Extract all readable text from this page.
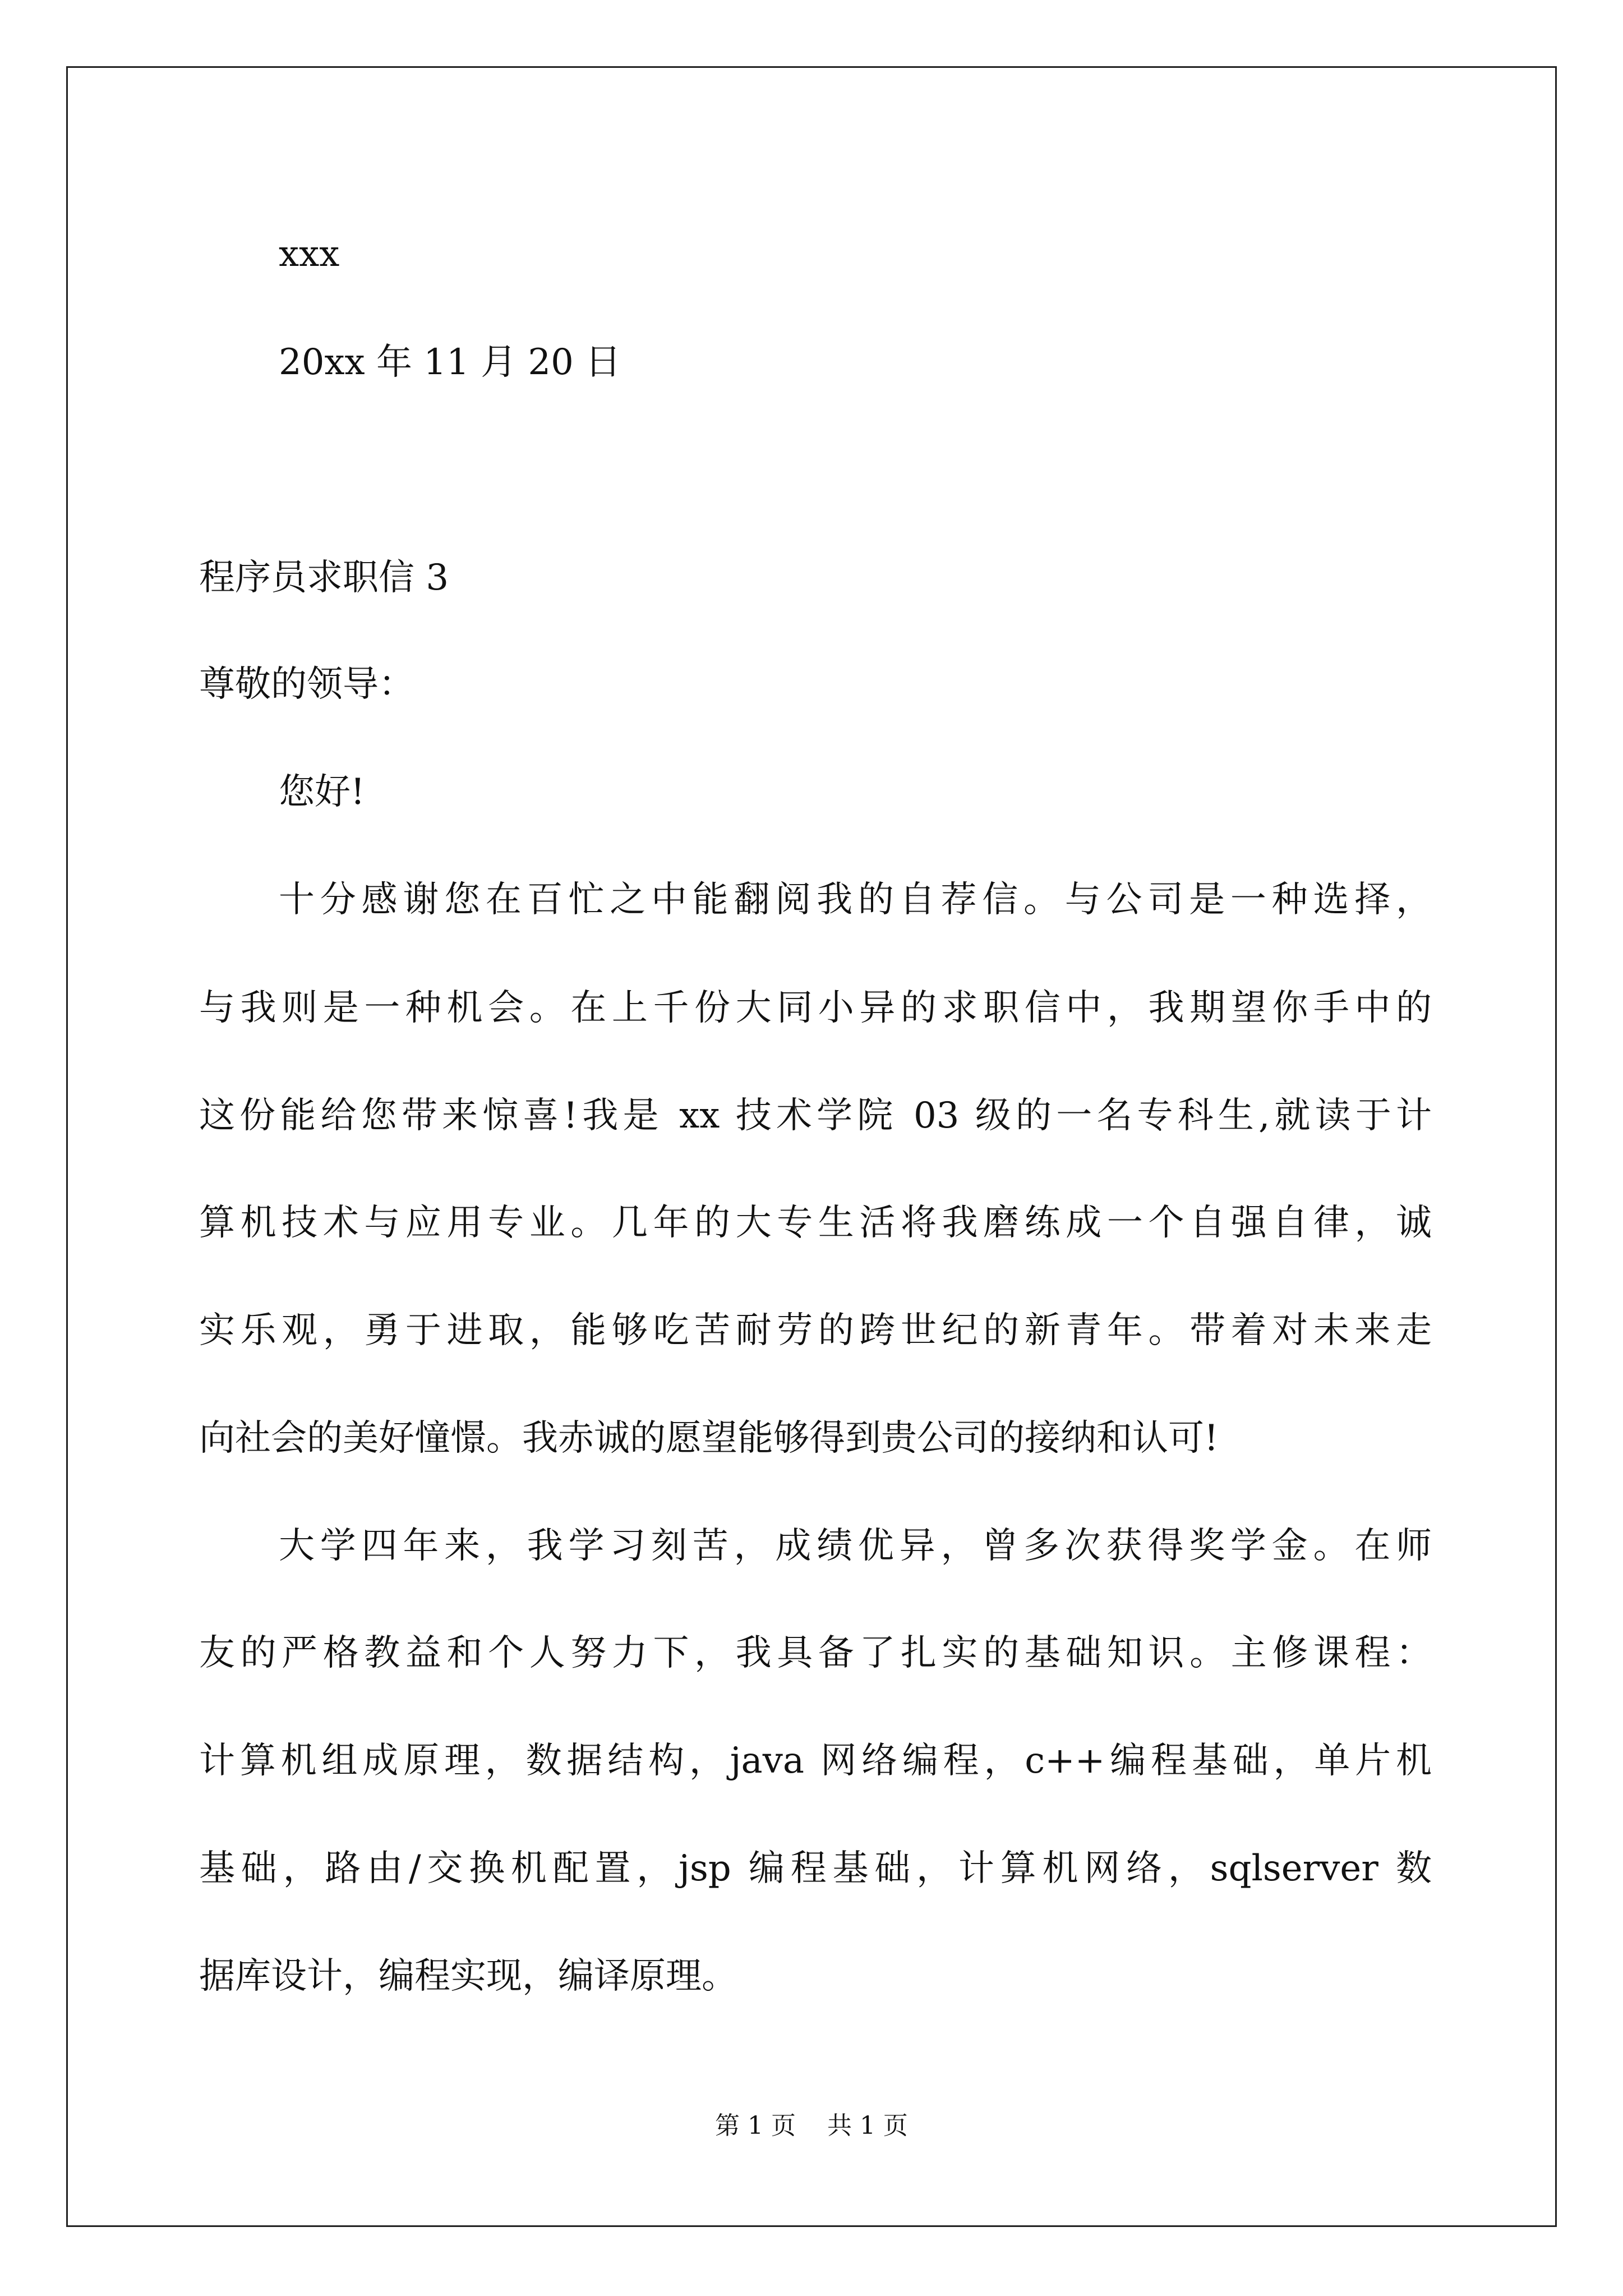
xxx
20xx 年 11 月 20 日
程序员求职信 3
尊敬的领导：
您好!
十分感谢您在百忙之中能翻阅我的自荐信。与公司是一种选择，
与我则是一种机会。在上千份大同小异的求职信中，我期望你手中的
这份能给您带来惊喜!我是 xx 技术学院 03 级的一名专科生,就读于计
算机技术与应用专业。几年的大专生活将我磨练成一个自强自律，诚
实乐观，勇于进取，能够吃苦耐劳的跨世纪的新青年。带着对未来走
向社会的美好憧憬。我赤诚的愿望能够得到贵公司的接纳和认可!
大学四年来，我学习刻苦，成绩优异，曾多次获得奖学金。在师
友的严格教益和个人努力下，我具备了扎实的基础知识。主修课程：
计算机组成原理，数据结构，java 网络编程，c++编程基础，单片机
基础，路由/交换机配置，jsp 编程基础，计算机网络，sqlserver 数
据库设计，编程实现，编译原理。
第 1 页    共 1 页
